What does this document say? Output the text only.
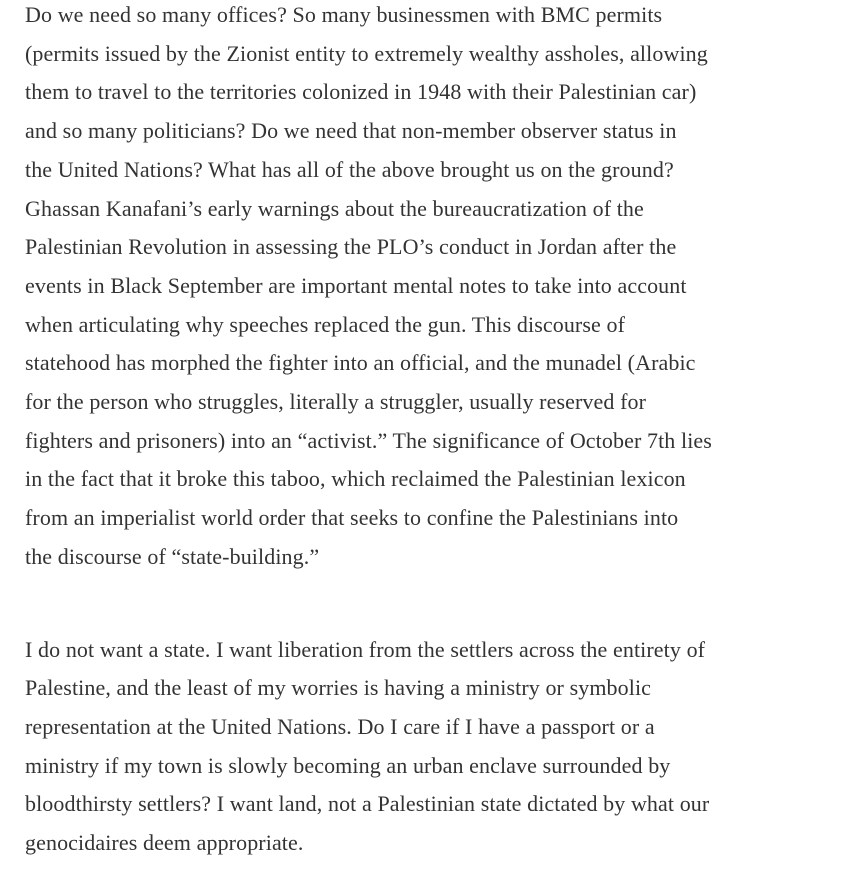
Do we need so many offices? So many businessmen with BMC permits
(permits issued by the Zionist entity to extremely wealthy assholes, allowing
them to travel to the territories colonized in 1948 with their Palestinian car)
and so many politicians? Do we need that non-member observer status in
the United Nations? What has all of the above brought us on the ground?
Ghassan Kanafani’s early warnings about the bureaucratization of the
Palestinian Revolution in assessing the PLO’s conduct in Jordan after the
events in Black September are important mental notes to take into account
when articulating why speeches replaced the gun. This discourse of
statehood has morphed the fighter into an official, and the munadel (Arabic
for the person who struggles, literally a struggler, usually reserved for
fighters and prisoners) into an “activist.” The significance of October 7th lies
in the fact that it broke this taboo, which reclaimed the Palestinian lexicon
from an imperialist world order that seeks to confine the Palestinians into
the discourse of “state-building.”

I do not want a state. I want liberation from the settlers across the entirety of
Palestine, and the least of my worries is having a ministry or symbolic
representation at the United Nations. Do I care if I have a passport or a
ministry if my town is slowly becoming an urban enclave surrounded by
bloodthirsty settlers? I want land, not a Palestinian state dictated by what our
genocidaires deem appropriate.
